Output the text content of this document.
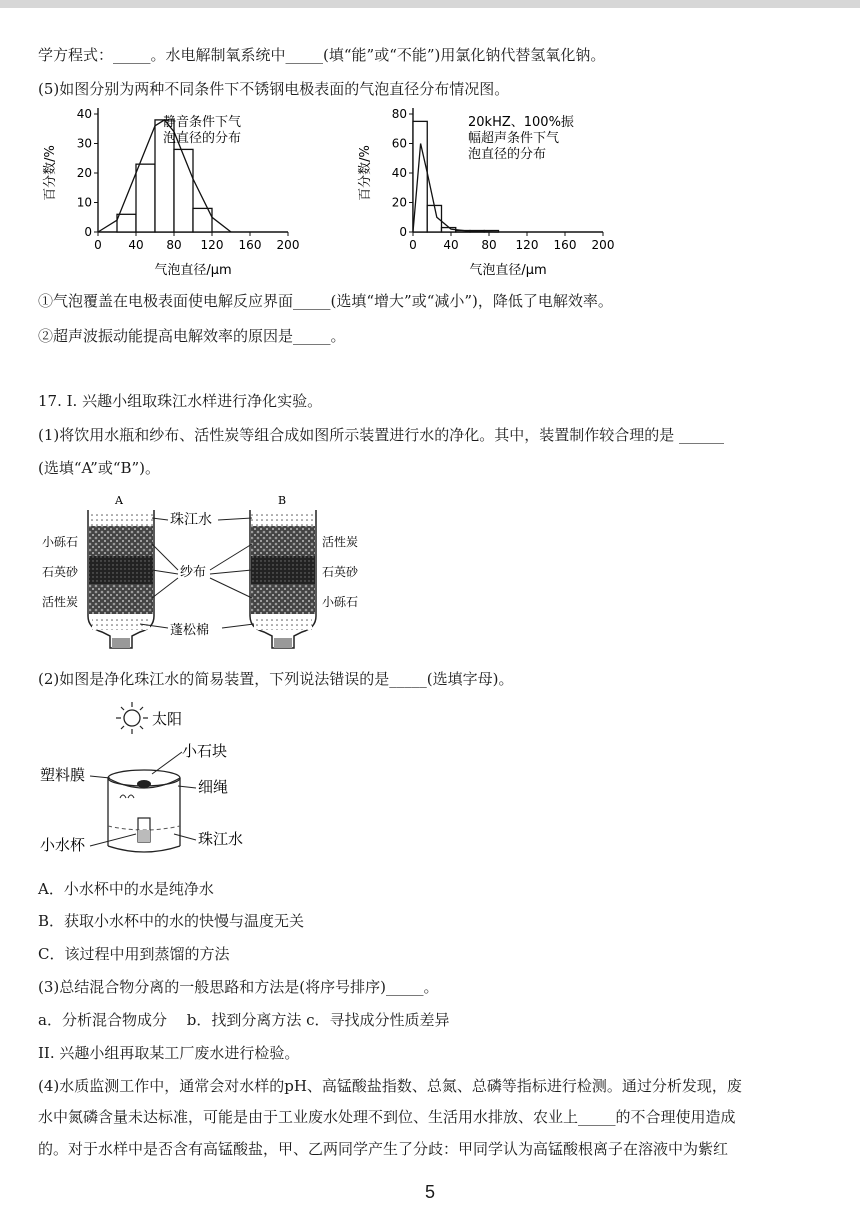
学方程式：_____。水电解制氧系统中_____(填“能”或“不能”)用氯化钠代替氢氧化钠。
(5)如图分别为两种不同条件下不锈钢电极表面的气泡直径分布情况图。
0
10
20
30
40
0 40 80 120 160 200
静音条件下气
泡直径的分布
百分数/%
气泡直径/μm
0
20
40
60
80
0 40 80 120 160 200
20kHZ、100%振
幅超声条件下气
泡直径的分布
百分数/%
气泡直径/μm
①气泡覆盖在电极表面使电解反应界面_____(选填“增大”或“减小”)，降低了电解效率。
②超声波振动能提高电解效率的原因是_____。
17. I. 兴趣小组取珠江水样进行净化实验。
(1)将饮用水瓶和纱布、活性炭等组合成如图所示装置进行水的净化。其中，装置制作较合理的是 ______
(选填“A”或“B”)。
A	B
珠江水
纱布
蓬松棉
小砾石
石英砂
活性炭
活性炭
石英砂
小砾石
(2)如图是净化珠江水的简易装置，下列说法错误的是_____(选填字母)。
太阳
小石块
塑料膜
细绳
小水杯	珠江水
A．小水杯中的水是纯净水
B．获取小水杯中的水的快慢与温度无关
C．该过程中用到蒸馏的方法
(3)总结混合物分离的一般思路和方法是(将序号排序)_____。
a．分析混合物成分　 b．找到分离方法 c．寻找成分性质差异
II. 兴趣小组再取某工厂废水进行检验。
(4)水质监测工作中，通常会对水样的pH、高锰酸盐指数、总氮、总磷等指标进行检测。通过分析发现，废
水中氮磷含量未达标准，可能是由于工业废水处理不到位、生活用水排放、农业上_____的不合理使用造成
的。对于水样中是否含有高锰酸盐，甲、乙两同学产生了分歧：甲同学认为高锰酸根离子在溶液中为紫红
5
